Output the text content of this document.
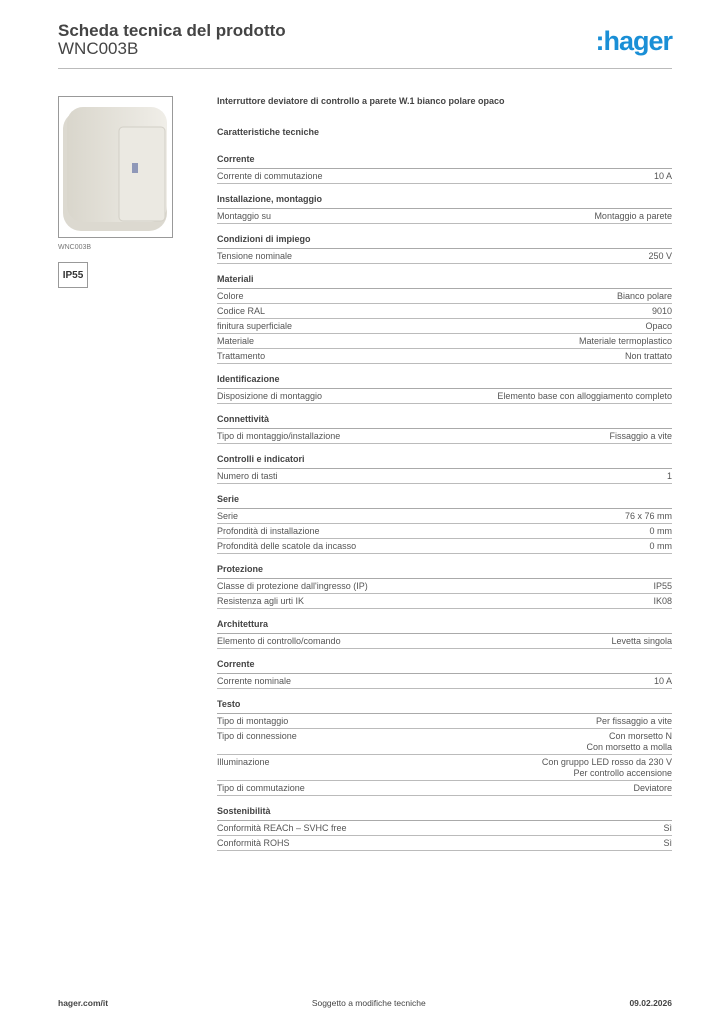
Scheda tecnica del prodotto
WNC003B	:hager
WNC003B
IP55
Interruttore deviatore di controllo a parete W.1 bianco polare opaco
Caratteristiche tecniche
Corrente
Corrente di commutazione	10 A
Installazione, montaggio
Montaggio su	Montaggio a parete
Condizioni di impiego
Tensione nominale	250 V
Materiali
Colore	Bianco polare
Codice RAL	9010
finitura superficiale	Opaco
Materiale	Materiale termoplastico
Trattamento	Non trattato
Identificazione
Disposizione di montaggio	Elemento base con alloggiamento completo
Connettività
Tipo di montaggio/installazione	Fissaggio a vite
Controlli e indicatori
Numero di tasti	1
Serie
Serie	76 x 76 mm
Profondità di installazione	0 mm
Profondità delle scatole da incasso	0 mm
Protezione
Classe di protezione dall'ingresso (IP)	IP55
Resistenza agli urti IK	IK08
Architettura
Elemento di controllo/comando	Levetta singola
Corrente
Corrente nominale	10 A
Testo
Tipo di montaggio	Per fissaggio a vite
Tipo di connessione	Con morsetto N
Con morsetto a molla
Illuminazione	Con gruppo LED rosso da 230 V
Per controllo accensione
Tipo di commutazione	Deviatore
Sostenibilità
Conformità REACh – SVHC free	Sì
Conformità ROHS	Sì
hager.com/it	Soggetto a modifiche tecniche	09.02.2026
